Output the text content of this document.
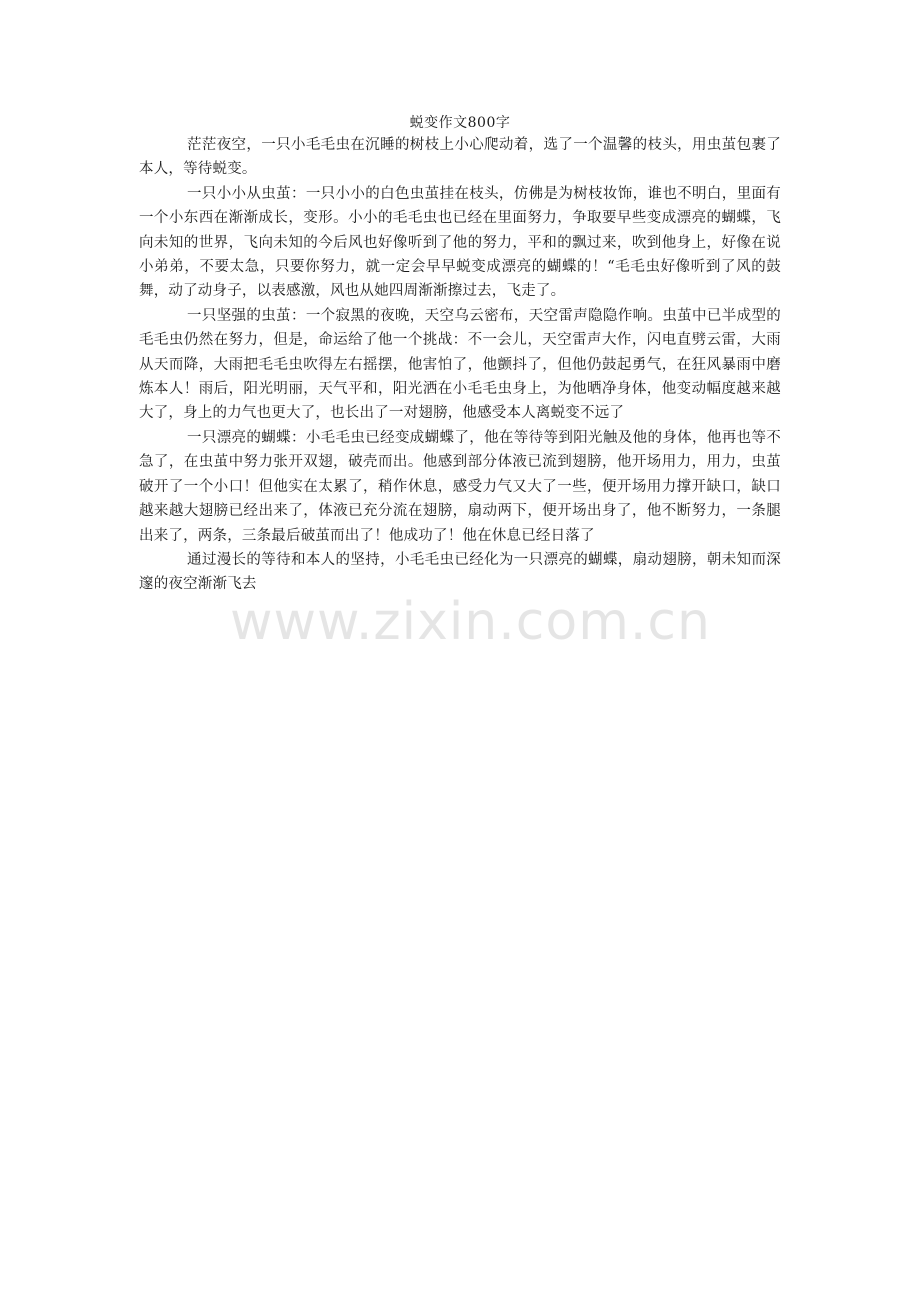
蜕变作文800字

茫茫夜空，一只小毛毛虫在沉睡的树枝上小心爬动着，选了一个温馨的枝头，用虫茧包裹了本人，等待蜕变。

一只小小从虫茧：一只小小的白色虫茧挂在枝头，仿佛是为树枝妆饰，谁也不明白，里面有一个小东西在渐渐成长，变形。小小的毛毛虫也已经在里面努力，争取要早些变成漂亮的蝴蝶，飞向未知的世界，飞向未知的今后风也好像听到了他的努力，平和的飘过来，吹到他身上，好像在说 小弟弟，不要太急，只要你努力，就一定会早早蜕变成漂亮的蝴蝶的！“毛毛虫好像听到了风的鼓舞，动了动身子，以表感激，风也从她四周渐渐擦过去，飞走了。

一只坚强的虫茧：一个寂黑的夜晚，天空乌云密布，天空雷声隐隐作响。虫茧中已半成型的毛毛虫仍然在努力，但是，命运给了他一个挑战：不一会儿，天空雷声大作，闪电直劈云雷，大雨从天而降，大雨把毛毛虫吹得左右摇摆，他害怕了，他颤抖了，但他仍鼓起勇气，在狂风暴雨中磨炼本人！雨后，阳光明丽，天气平和，阳光洒在小毛毛虫身上，为他晒净身体，他变动幅度越来越大了，身上的力气也更大了，也长出了一对翅膀，他感受本人离蜕变不远了

一只漂亮的蝴蝶：小毛毛虫已经变成蝴蝶了，他在等待等到阳光触及他的身体，他再也等不急了，在虫茧中努力张开双翅，破壳而出。他感到部分体液已流到翅膀，他开场用力，用力，虫茧破开了一个小口！但他实在太累了，稍作休息，感受力气又大了一些，便开场用力撑开缺口，缺口越来越大翅膀已经出来了，体液已充分流在翅膀，扇动两下，便开场出身了，他不断努力，一条腿出来了，两条，三条最后破茧而出了！他成功了！他在休息已经日落了

通过漫长的等待和本人的坚持，小毛毛虫已经化为一只漂亮的蝴蝶，扇动翅膀，朝未知而深邃的夜空渐渐飞去

www.zixin.com.cn
